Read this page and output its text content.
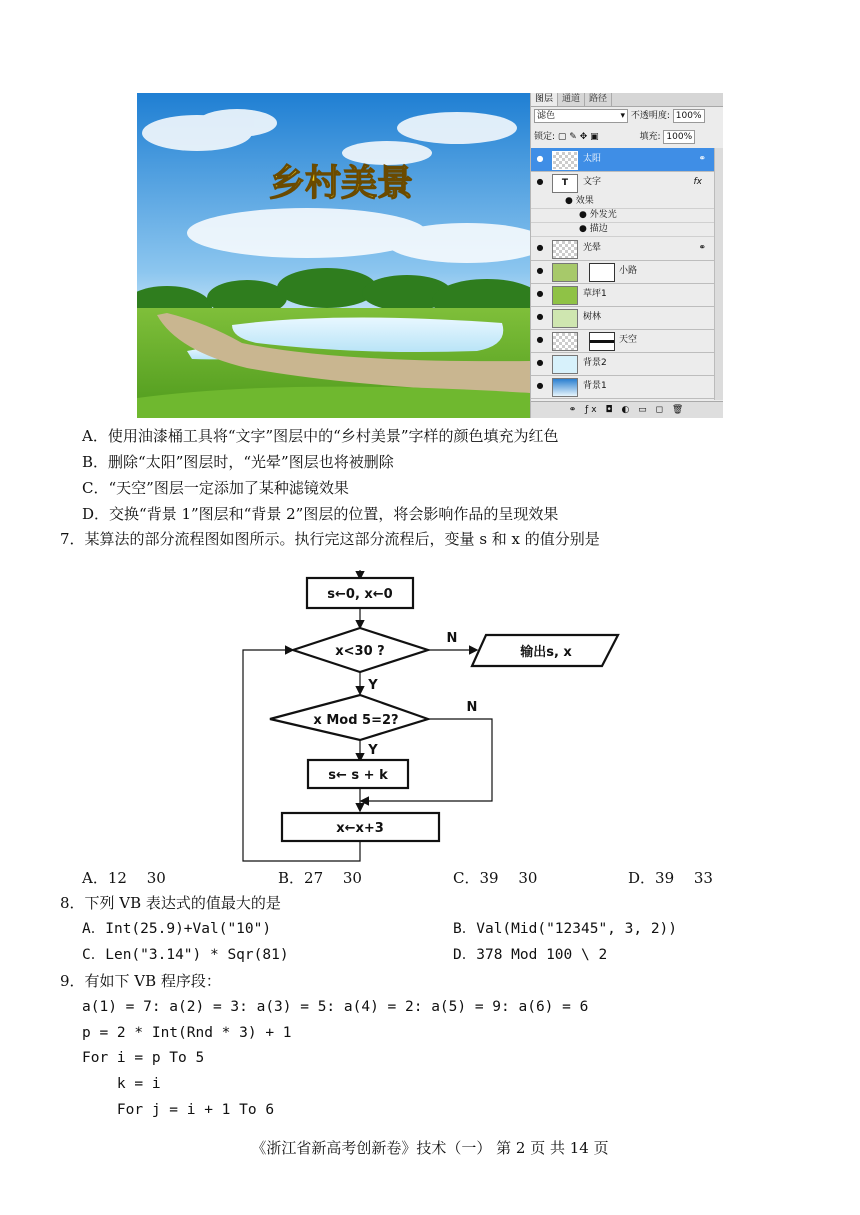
乡村美景
图层	通道	路径
滤色	▾ 不透明度: 100%
锁定: ▢ ✎ ✥ ▣	填充: 100%
●	太阳	⚭
●	T	文字	fx
● 效果
● 外发光
● 描边
●	光晕	⚭
●	小路
●	草坪1
●	树林
●	天空
●	背景2
●	背景1
⚭ ƒx ◘ ◐ ▭ ◻ 🗑
A．使用油漆桶工具将“文字”图层中的“乡村美景”字样的颜色填充为红色
B．删除“太阳”图层时，“光晕”图层也将被删除
C．“天空”图层一定添加了某种滤镜效果
D．交换“背景 1”图层和“背景 2”图层的位置，将会影响作品的呈现效果
7．某算法的部分流程图如图所示。执行完这部分流程后，变量 s 和 x 的值分别是
s←0, x←0
x<30 ?	输出s, x
x Mod 5=2?
s← s + k
x←x+3
N
Y
N
Y
A．12　 30	B．27　 30	C．39　 30	D．39　 33
8．下列 VB 表达式的值最大的是
A．Int(25.9)+Val("10")	B．Val(Mid("12345", 3, 2))
C．Len("3.14") * Sqr(81)	D．378 Mod 100 \ 2
9．有如下 VB 程序段：
a(1) = 7: a(2) = 3: a(3) = 5: a(4) = 2: a(5) = 9: a(6) = 6
p = 2 * Int(Rnd * 3) + 1
For i = p To 5
k = i
For j = i + 1 To 6
《浙江省新高考创新卷》技术（一） 第 2 页 共 14 页
